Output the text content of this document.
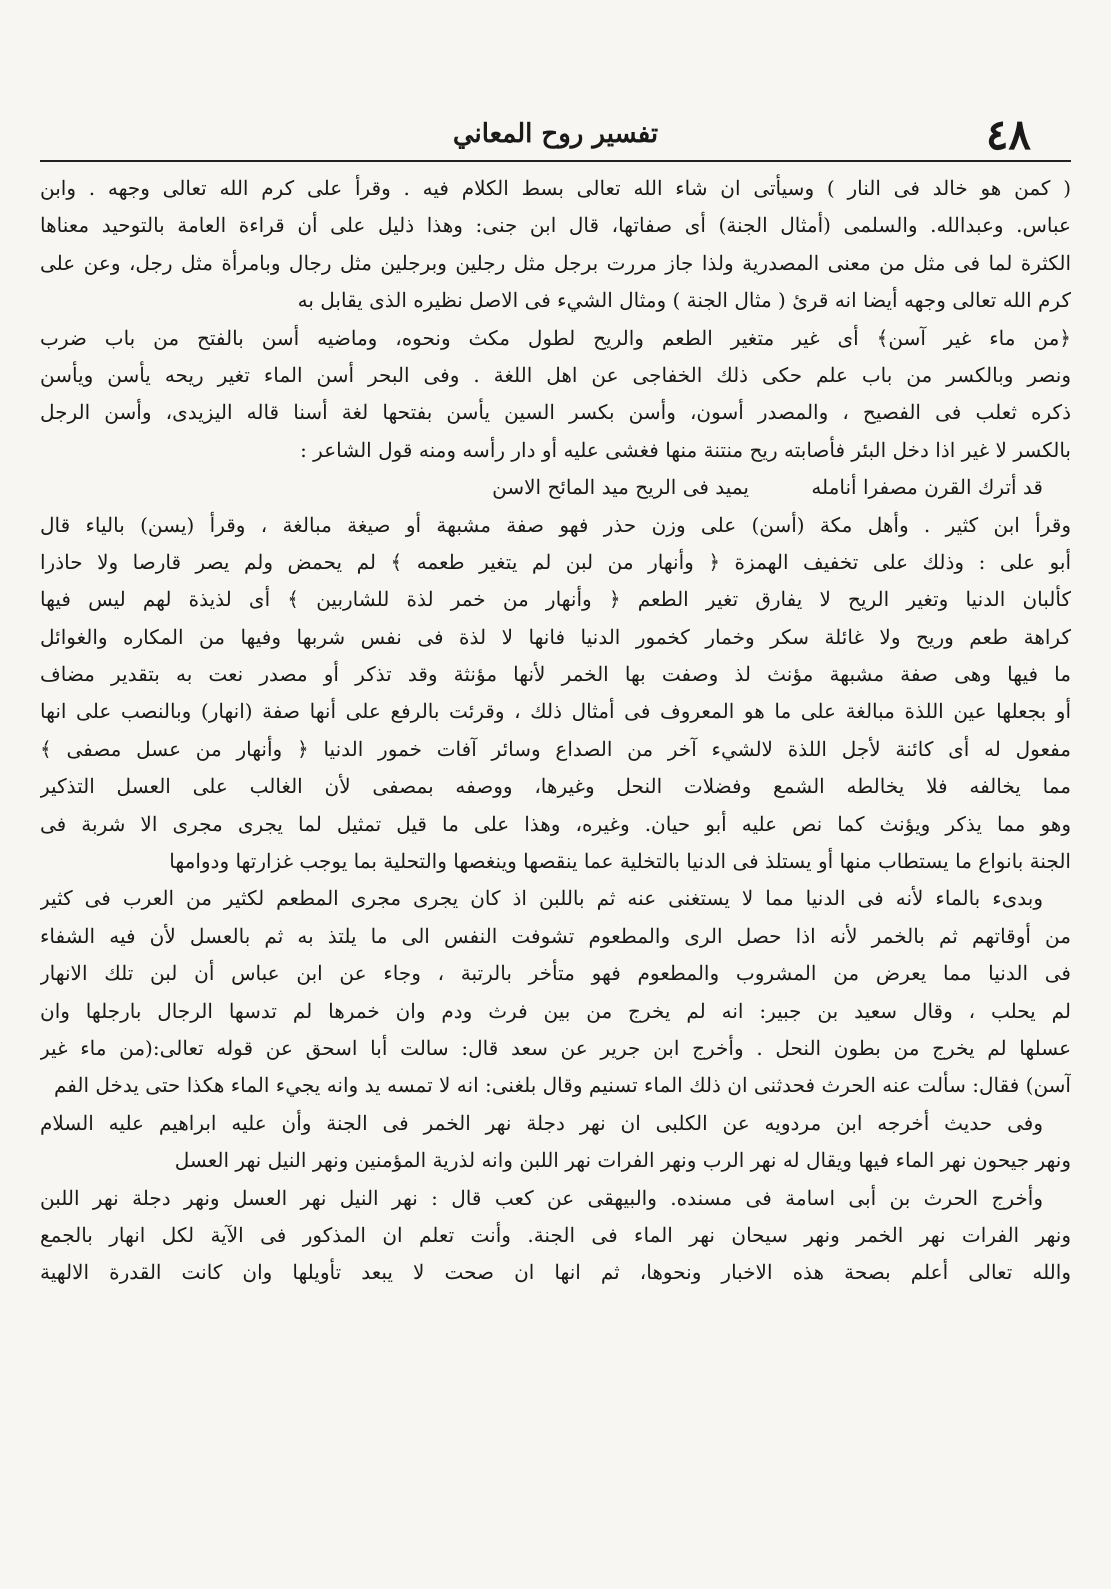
تفسير روح المعاني	٤٨
( كمن هو خالد فى النار ) وسيأتى ان شاء الله تعالى بسط الكلام فيه . وقرأ على كرم الله تعالى وجهه . وابن
عباس. وعبدالله. والسلمى (أمثال الجنة) أى صفاتها، قال ابن جنى: وهذا ذليل على أن قراءة العامة بالتوحيد معناها
الكثرة لما فى مثل من معنى المصدرية ولذا جاز مررت برجل مثل رجلين وبرجلين مثل رجال وبامرأة مثل رجل، وعن على
كرم الله تعالى وجهه أيضا انه قرئ ( مثال الجنة ) ومثال الشيء فى الاصل نظيره الذى يقابل به
﴿من ماء غير آسن﴾ أى غير متغير الطعم والريح لطول مكث ونحوه، وماضيه أسن بالفتح من باب ضرب
ونصر وبالكسر من باب علم حكى ذلك الخفاجى عن اهل اللغة . وفى البحر أسن الماء تغير ريحه يأسن ويأسن
ذكره ثعلب فى الفصيح ، والمصدر أسون، وأسن بكسر السين يأسن بفتحها لغة أسنا قاله اليزيدى، وأسن الرجل
بالكسر لا غير اذا دخل البئر فأصابته ريح منتنة منها فغشى عليه أو دار رأسه ومنه قول الشاعر :
قد أترك القرن مصفرا أنامله يميد فى الريح ميد المائح الاسن
وقرأ ابن كثير . وأهل مكة (أسن) على وزن حذر فهو صفة مشبهة أو صيغة مبالغة ، وقرأ (يسن) بالياء قال
أبو على : وذلك على تخفيف الهمزة ﴿ وأنهار من لبن لم يتغير طعمه ﴾ لم يحمض ولم يصر قارصا ولا حاذرا
كألبان الدنيا وتغير الريح لا يفارق تغير الطعم ﴿ وأنهار من خمر لذة للشاربين ﴾ أى لذيذة لهم ليس فيها
كراهة طعم وريح ولا غائلة سكر وخمار كخمور الدنيا فانها لا لذة فى نفس شربها وفيها من المكاره والغوائل
ما فيها وهى صفة مشبهة مؤنث لذ وصفت بها الخمر لأنها مؤنثة وقد تذكر أو مصدر نعت به بتقدير مضاف
أو بجعلها عين اللذة مبالغة على ما هو المعروف فى أمثال ذلك ، وقرئت بالرفع على أنها صفة (انهار) وبالنصب على انها
مفعول له أى كائنة لأجل اللذة لالشيء آخر من الصداع وسائر آفات خمور الدنيا ﴿ وأنهار من عسل مصفى ﴾
مما يخالفه فلا يخالطه الشمع وفضلات النحل وغيرها، ووصفه بمصفى لأن الغالب على العسل التذكير
وهو مما يذكر ويؤنث كما نص عليه أبو حيان. وغيره، وهذا على ما قيل تمثيل لما يجرى مجرى الا شربة فى
الجنة بانواع ما يستطاب منها أو يستلذ فى الدنيا بالتخلية عما ينقصها وينغصها والتحلية بما يوجب غزارتها ودوامها
وبدىء بالماء لأنه فى الدنيا مما لا يستغنى عنه ثم باللبن اذ كان يجرى مجرى المطعم لكثير من العرب فى كثير
من أوقاتهم ثم بالخمر لأنه اذا حصل الرى والمطعوم تشوفت النفس الى ما يلتذ به ثم بالعسل لأن فيه الشفاء
فى الدنيا مما يعرض من المشروب والمطعوم فهو متأخر بالرتبة ، وجاء عن ابن عباس أن لبن تلك الانهار
لم يحلب ، وقال سعيد بن جبير: انه لم يخرج من بين فرث ودم وان خمرها لم تدسها الرجال بارجلها وان
عسلها لم يخرج من بطون النحل . وأخرج ابن جرير عن سعد قال: سالت أبا اسحق عن قوله تعالى:(من ماء غير
آسن) فقال: سألت عنه الحرث فحدثنى ان ذلك الماء تسنيم وقال بلغنى: انه لا تمسه يد وانه يجيء الماء هكذا حتى يدخل الفم
وفى حديث أخرجه ابن مردويه عن الكلبى ان نهر دجلة نهر الخمر فى الجنة وأن عليه ابراهيم عليه السلام
ونهر جيحون نهر الماء فيها ويقال له نهر الرب ونهر الفرات نهر اللبن وانه لذرية المؤمنين ونهر النيل نهر العسل
وأخرج الحرث بن أبى اسامة فى مسنده. والبيهقى عن كعب قال : نهر النيل نهر العسل ونهر دجلة نهر اللبن
ونهر الفرات نهر الخمر ونهر سيحان نهر الماء فى الجنة. وأنت تعلم ان المذكور فى الآية لكل انهار بالجمع
والله تعالى أعلم بصحة هذه الاخبار ونحوها، ثم انها ان صحت لا يبعد تأويلها وان كانت القدرة الالهية
